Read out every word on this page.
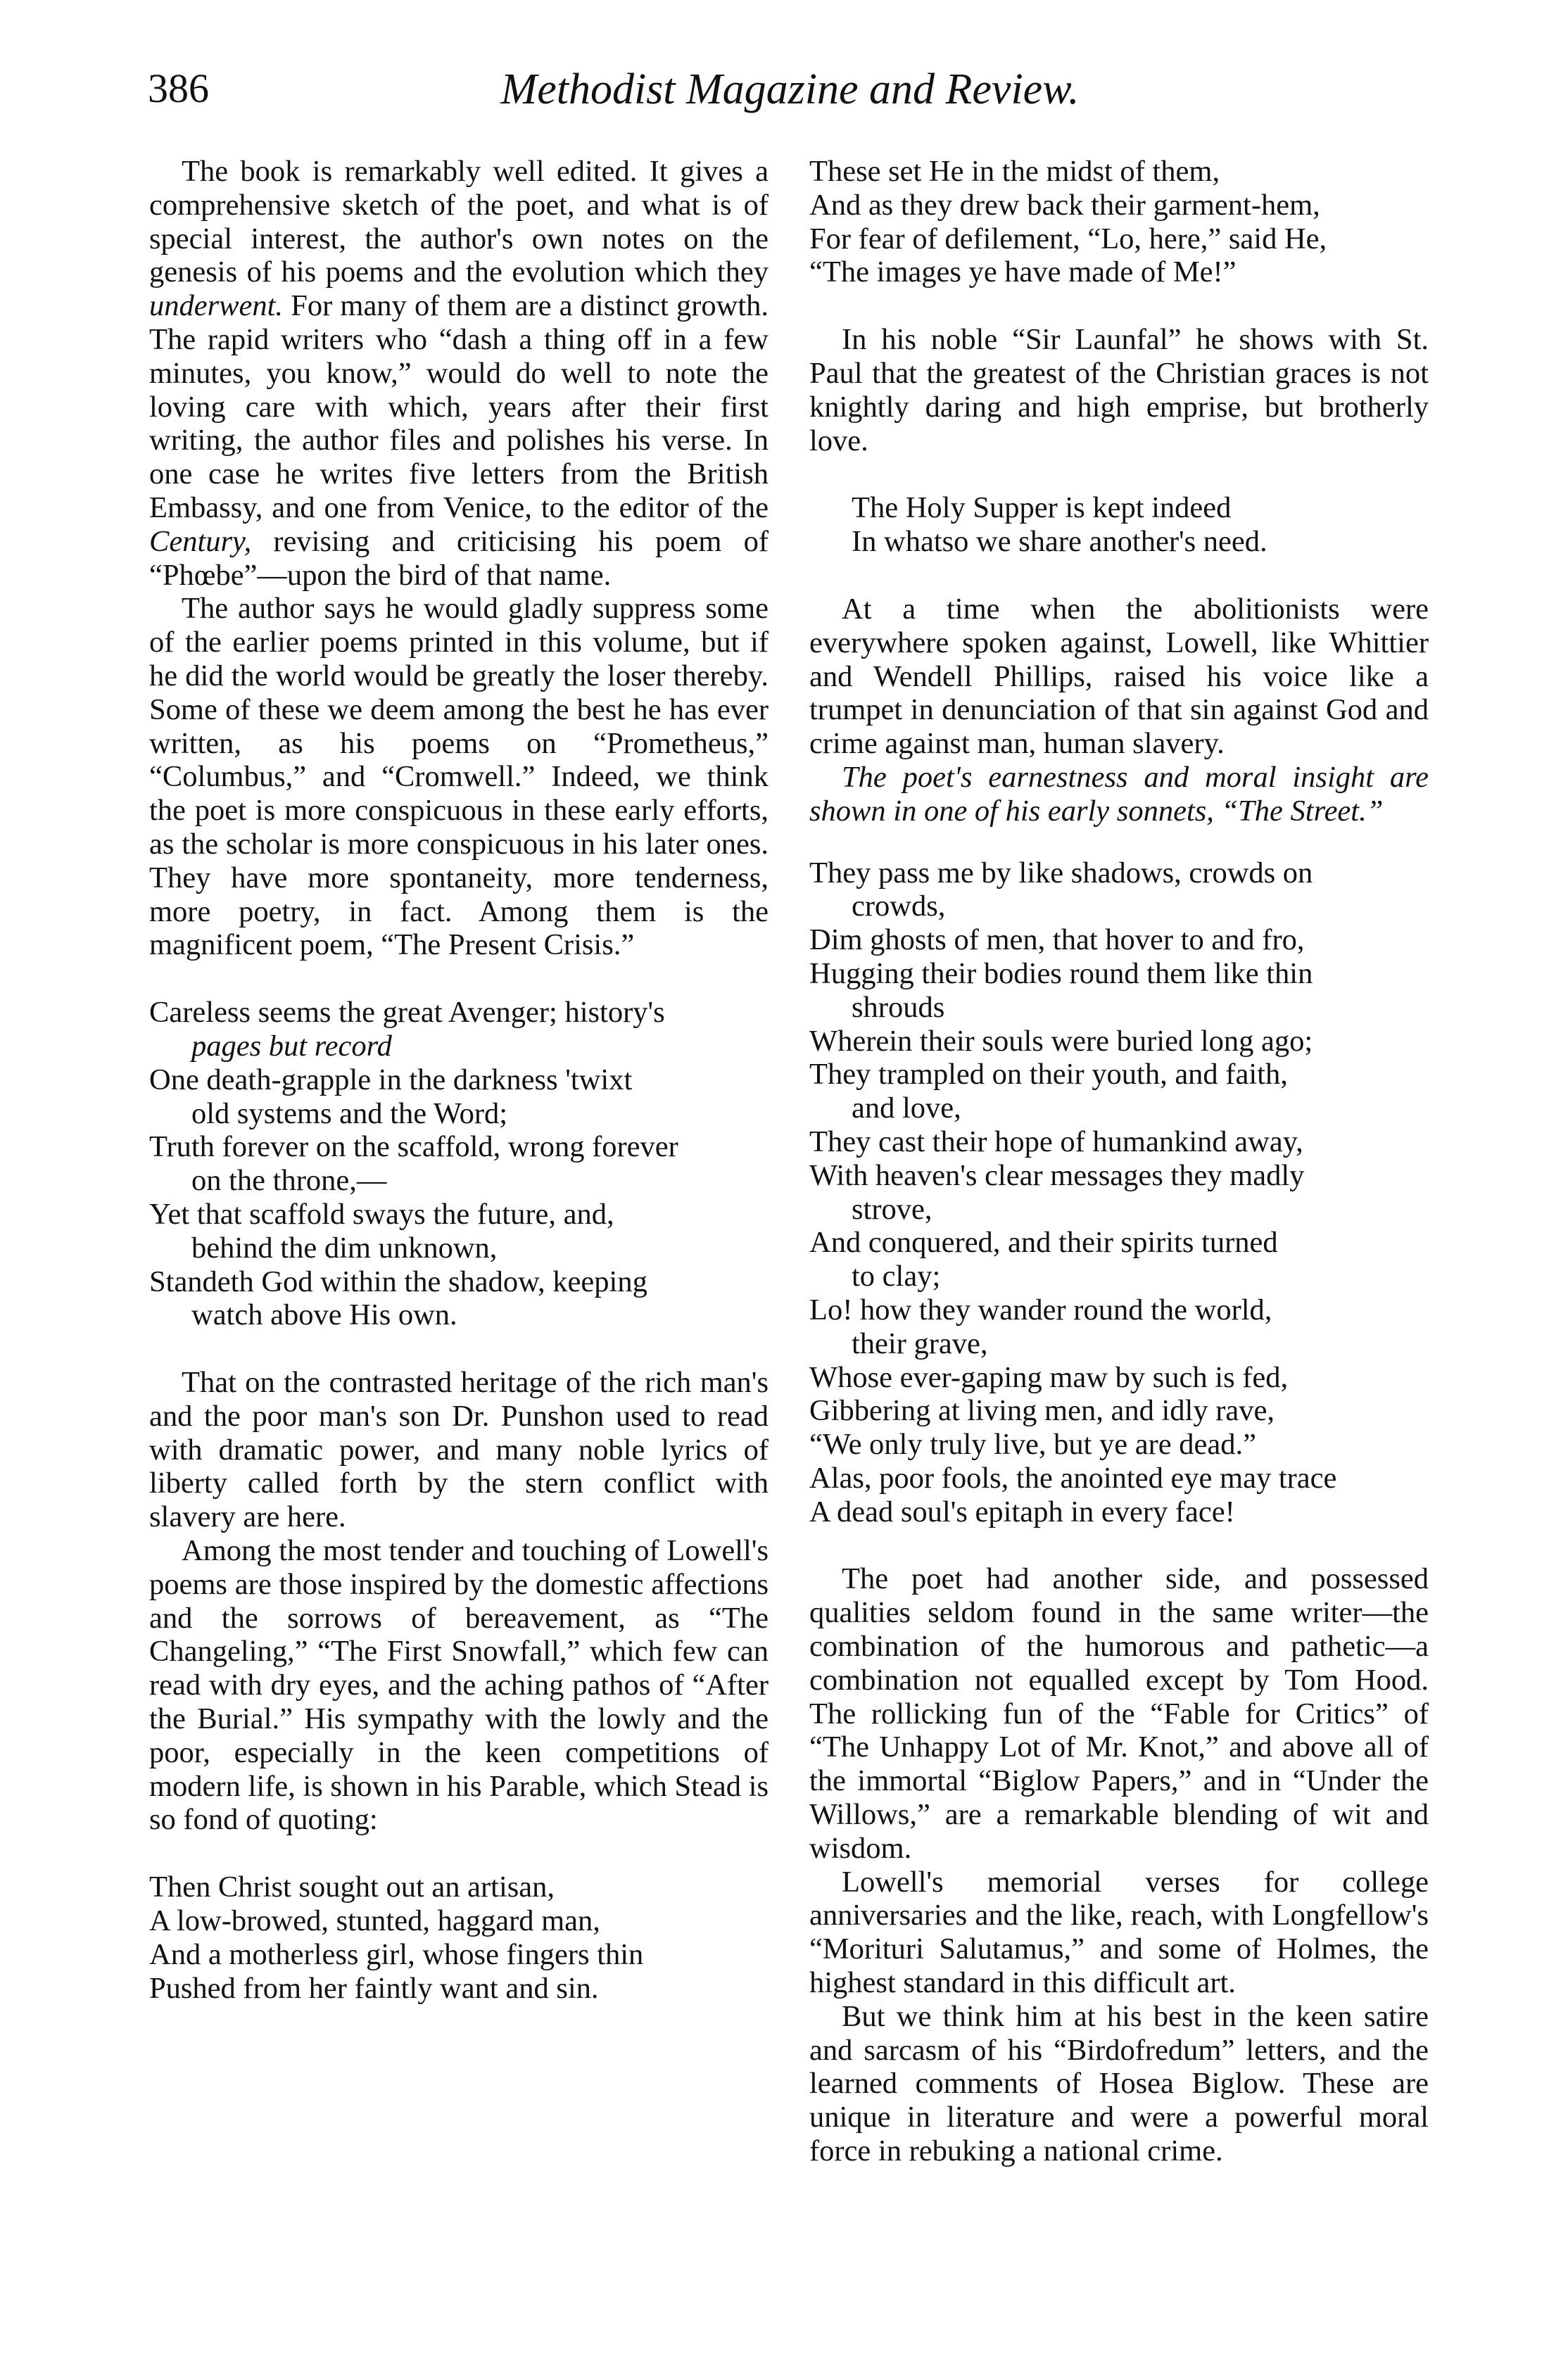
386	Methodist Magazine and Review.

The book is remarkably well edited. It gives a comprehensive sketch of the poet, and what is of special interest, the author's own notes on the genesis of his poems and the evolution which they underwent. For many of them are a distinct growth. The rapid writers who “dash a thing off in a few minutes, you know,” would do well to note the loving care with which, years after their first writing, the author files and polishes his verse. In one case he writes five letters from the British Embassy, and one from Venice, to the editor of the Century, revising and criticising his poem of “Phœbe”—upon the bird of that name.

The author says he would gladly suppress some of the earlier poems printed in this volume, but if he did the world would be greatly the loser thereby. Some of these we deem among the best he has ever written, as his poems on “Prometheus,” “Columbus,” and “Cromwell.” Indeed, we think the poet is more conspicuous in these early efforts, as the scholar is more conspicuous in his later ones. They have more spontaneity, more tenderness, more poetry, in fact. Among them is the magnificent poem, “The Present Crisis.”

Careless seems the great Avenger; history's
pages but record
One death-grapple in the darkness 'twixt
old systems and the Word;
Truth forever on the scaffold, wrong forever
on the throne,—
Yet that scaffold sways the future, and,
behind the dim unknown,
Standeth God within the shadow, keeping
watch above His own.

That on the contrasted heritage of the rich man's and the poor man's son Dr. Punshon used to read with dramatic power, and many noble lyrics of liberty called forth by the stern conflict with slavery are here.

Among the most tender and touching of Lowell's poems are those inspired by the domestic affections and the sorrows of bereavement, as “The Changeling,” “The First Snowfall,” which few can read with dry eyes, and the aching pathos of “After the Burial.” His sympathy with the lowly and the poor, especially in the keen competitions of modern life, is shown in his Parable, which Stead is so fond of quoting:

Then Christ sought out an artisan,
A low-browed, stunted, haggard man,
And a motherless girl, whose fingers thin
Pushed from her faintly want and sin.
These set He in the midst of them,
And as they drew back their garment-hem,
For fear of defilement, “Lo, here,” said He,
“The images ye have made of Me!”

In his noble “Sir Launfal” he shows with St. Paul that the greatest of the Christian graces is not knightly daring and high emprise, but brotherly love.

The Holy Supper is kept indeed
In whatso we share another's need.

At a time when the abolitionists were everywhere spoken against, Lowell, like Whittier and Wendell Phillips, raised his voice like a trumpet in denunciation of that sin against God and crime against man, human slavery.

The poet's earnestness and moral insight are shown in one of his early sonnets, “The Street.”

They pass me by like shadows, crowds on
crowds,
Dim ghosts of men, that hover to and fro,
Hugging their bodies round them like thin
shrouds
Wherein their souls were buried long ago;
They trampled on their youth, and faith,
and love,
They cast their hope of humankind away,
With heaven's clear messages they madly
strove,
And conquered, and their spirits turned
to clay;
Lo! how they wander round the world,
their grave,
Whose ever-gaping maw by such is fed,
Gibbering at living men, and idly rave,
“We only truly live, but ye are dead.”
Alas, poor fools, the anointed eye may trace
A dead soul's epitaph in every face!

The poet had another side, and possessed qualities seldom found in the same writer—the combination of the humorous and pathetic—a combination not equalled except by Tom Hood. The rollicking fun of the “Fable for Critics” of “The Unhappy Lot of Mr. Knot,” and above all of the immortal “Biglow Papers,” and in “Under the Willows,” are a remarkable blending of wit and wisdom.

Lowell's memorial verses for college anniversaries and the like, reach, with Longfellow's “Morituri Salutamus,” and some of Holmes, the highest standard in this difficult art.

But we think him at his best in the keen satire and sarcasm of his “Birdofredum” letters, and the learned comments of Hosea Biglow. These are unique in literature and were a powerful moral force in rebuking a national crime.
